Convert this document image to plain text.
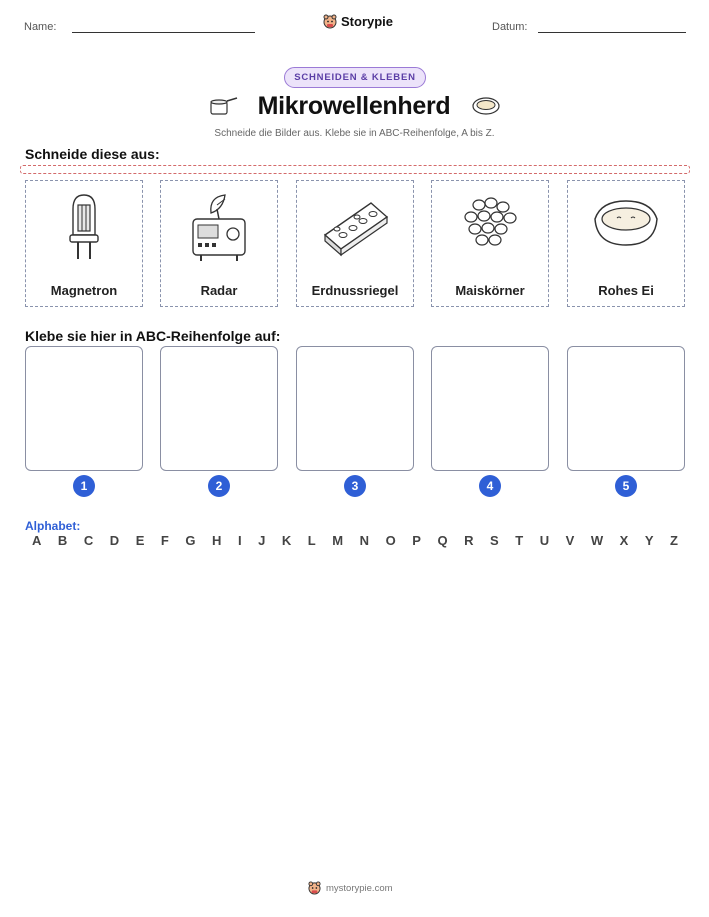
Name:	Storypie	Datum:
SCHNEIDEN & KLEBEN
Mikrowellenherd
Schneide die Bilder aus. Klebe sie in ABC-Reihenfolge, A bis Z.
Schneide diese aus:
Magnetron	Radar	Erdnussriegel	Maiskörner	Rohes Ei
Klebe sie hier in ABC-Reihenfolge auf:
1	2	3	4	5
Alphabet:
A B C D E F G H I J K L M N O P Q R S T U V W X Y Z
mystorypie.com
